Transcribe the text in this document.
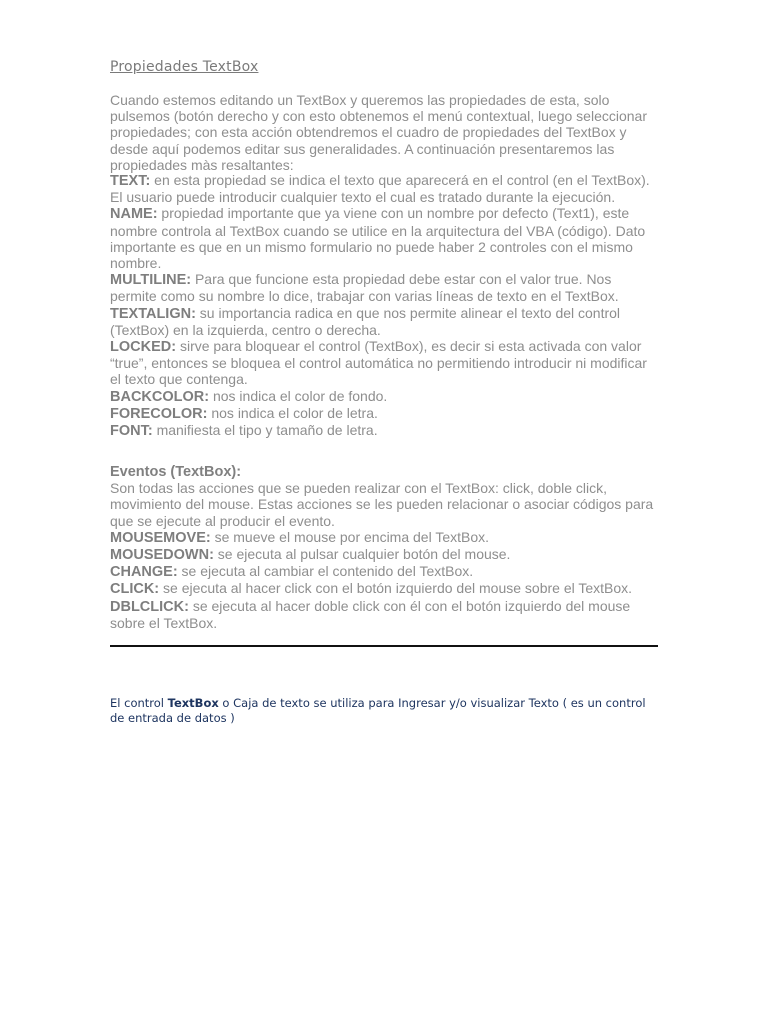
Propiedades TextBox

Cuando estemos editando un TextBox y queremos las propiedades de esta, solo pulsemos (botón derecho y con esto obtenemos el menú contextual, luego seleccionar propiedades; con esta acción obtendremos el cuadro de propiedades del TextBox y desde aquí podemos editar sus generalidades. A continuación presentaremos las propiedades màs resaltantes:

TEXT: en esta propiedad se indica el texto que aparecerá en el control (en el TextBox). El usuario puede introducir cualquier texto el cual es tratado durante la ejecución.

NAME: propiedad importante que ya viene con un nombre por defecto (Text1), este nombre controla al TextBox cuando se utilice en la arquitectura del VBA (código). Dato importante es que en un mismo formulario no puede haber 2 controles con el mismo nombre.

MULTILINE: Para que funcione esta propiedad debe estar con el valor true. Nos permite como su nombre lo dice, trabajar con varias líneas de texto en el TextBox.

TEXTALIGN: su importancia radica en que nos permite alinear el texto del control (TextBox) en la izquierda, centro o derecha.

LOCKED: sirve para bloquear el control (TextBox), es decir si esta activada con valor “true”, entonces se bloquea el control automática no permitiendo introducir ni modificar el texto que contenga.

BACKCOLOR: nos indica el color de fondo.

FORECOLOR: nos indica el color de letra.

FONT: manifiesta el tipo y tamaño de letra.

Eventos (TextBox):

Son todas las acciones que se pueden realizar con el TextBox: click, doble click, movimiento del mouse. Estas acciones se les pueden relacionar o asociar códigos para que se ejecute al producir el evento.

MOUSEMOVE: se mueve el mouse por encima del TextBox.

MOUSEDOWN: se ejecuta al pulsar cualquier botón del mouse.

CHANGE: se ejecuta al cambiar el contenido del TextBox.

CLICK: se ejecuta al hacer click con el botón izquierdo del mouse sobre el TextBox.

DBLCLICK: se ejecuta al hacer doble click con él con el botón izquierdo del mouse sobre el TextBox.

El control TextBox o Caja de texto se utiliza para Ingresar y/o visualizar Texto ( es un control de entrada de datos )
